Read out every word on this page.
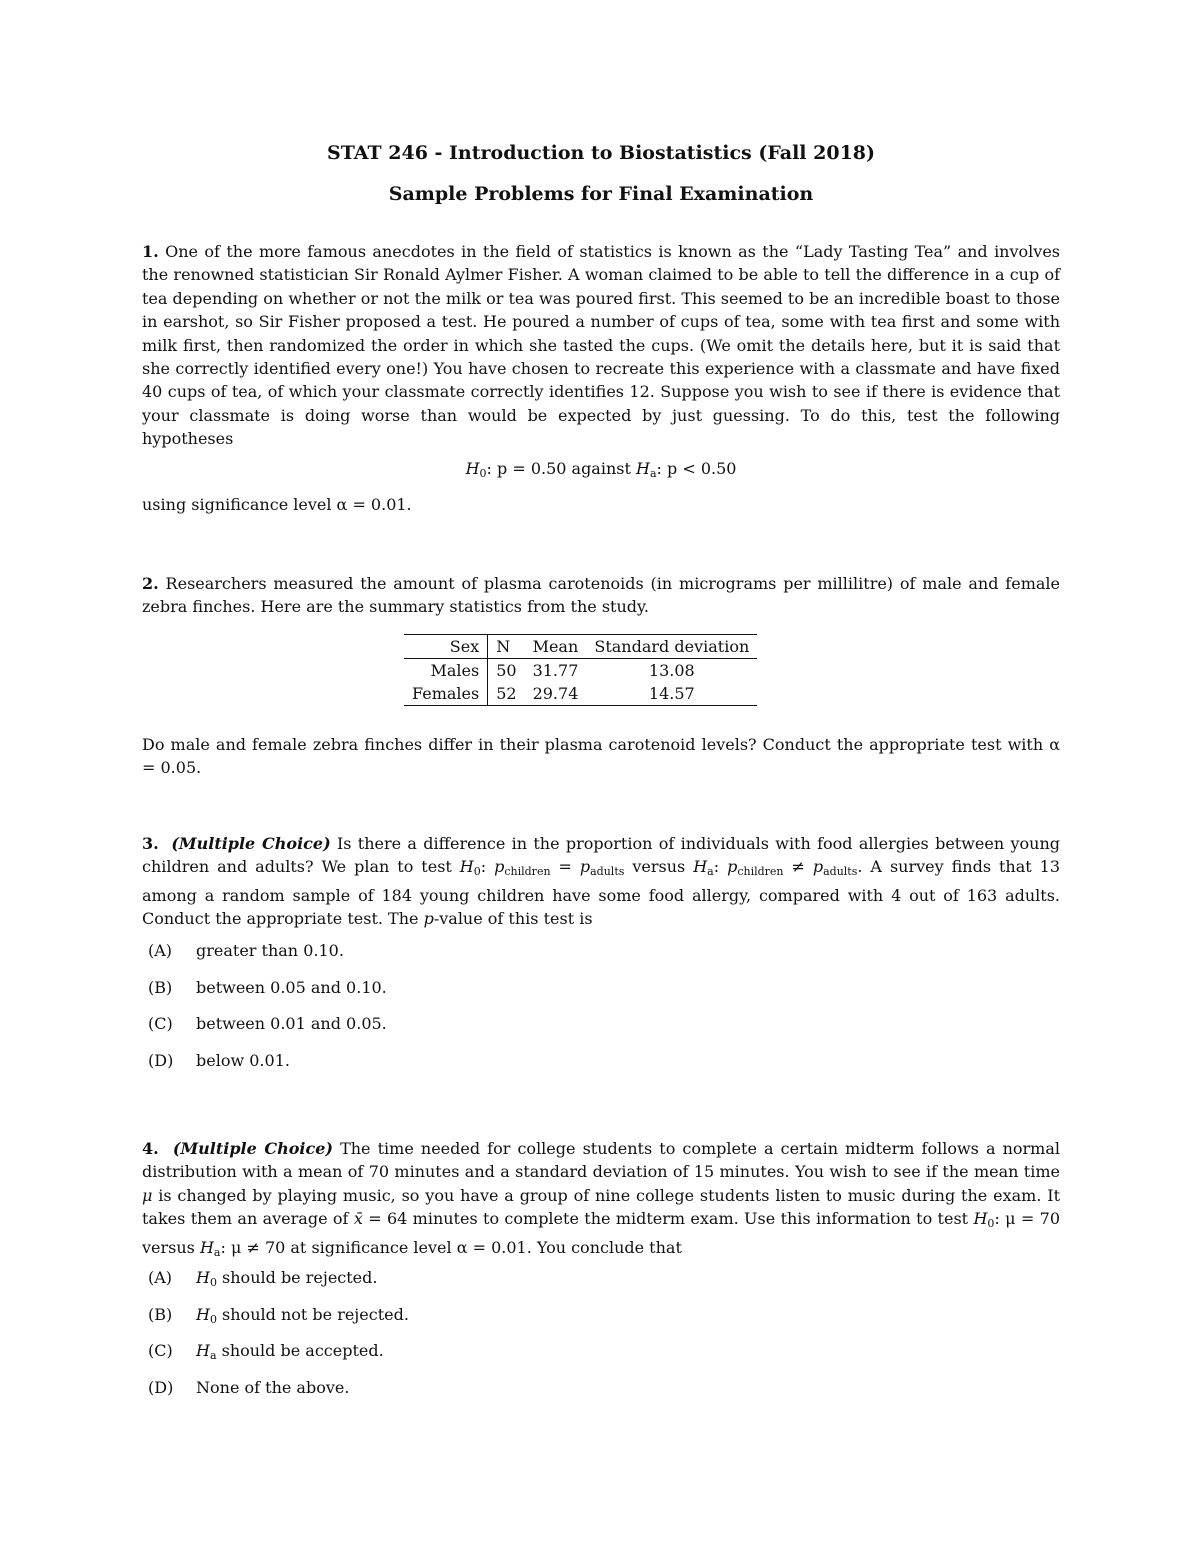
STAT 246 - Introduction to Biostatistics (Fall 2018)
Sample Problems for Final Examination

1. One of the more famous anecdotes in the field of statistics is known as the “Lady Tasting Tea” and involves the renowned statistician Sir Ronald Aylmer Fisher. A woman claimed to be able to tell the difference in a cup of tea depending on whether or not the milk or tea was poured first. This seemed to be an incredible boast to those in earshot, so Sir Fisher proposed a test. He poured a number of cups of tea, some with tea first and some with milk first, then randomized the order in which she tasted the cups. (We omit the details here, but it is said that she correctly identified every one!) You have chosen to recreate this experience with a classmate and have fixed 40 cups of tea, of which your classmate correctly identifies 12. Suppose you wish to see if there is evidence that your classmate is doing worse than would be expected by just guessing. To do this, test the following hypotheses

$H_0$: p = 0.50 against $H_a$: p < 0.50

using significance level α = 0.01.

2. Researchers measured the amount of plasma carotenoids (in micrograms per millilitre) of male and female zebra finches. Here are the summary statistics from the study.

Sex	N	Mean	Standard deviation
Males	50	31.77	13.08
Females	52	29.74	14.57

Do male and female zebra finches differ in their plasma carotenoid levels? Conduct the appropriate test with α = 0.05.

3. (Multiple Choice) Is there a difference in the proportion of individuals with food allergies between young children and adults? We plan to test $H_0$: $p_{children} = p_{adults}$ versus $H_a$: $p_{children} \ne p_{adults}$. A survey finds that 13 among a random sample of 184 young children have some food allergy, compared with 4 out of 163 adults. Conduct the appropriate test. The p-value of this test is

(A) greater than 0.10.

(B) between 0.05 and 0.10.

(C) between 0.01 and 0.05.

(D) below 0.01.

4. (Multiple Choice) The time needed for college students to complete a certain midterm follows a normal distribution with a mean of 70 minutes and a standard deviation of 15 minutes. You wish to see if the mean time μ is changed by playing music, so you have a group of nine college students listen to music during the exam. It takes them an average of x̄ = 64 minutes to complete the midterm exam. Use this information to test $H_0$: μ = 70 versus $H_a$: μ ≠ 70 at significance level α = 0.01. You conclude that

(A) $H_0$ should be rejected.

(B) $H_0$ should not be rejected.

(C) $H_a$ should be accepted.

(D) None of the above.
